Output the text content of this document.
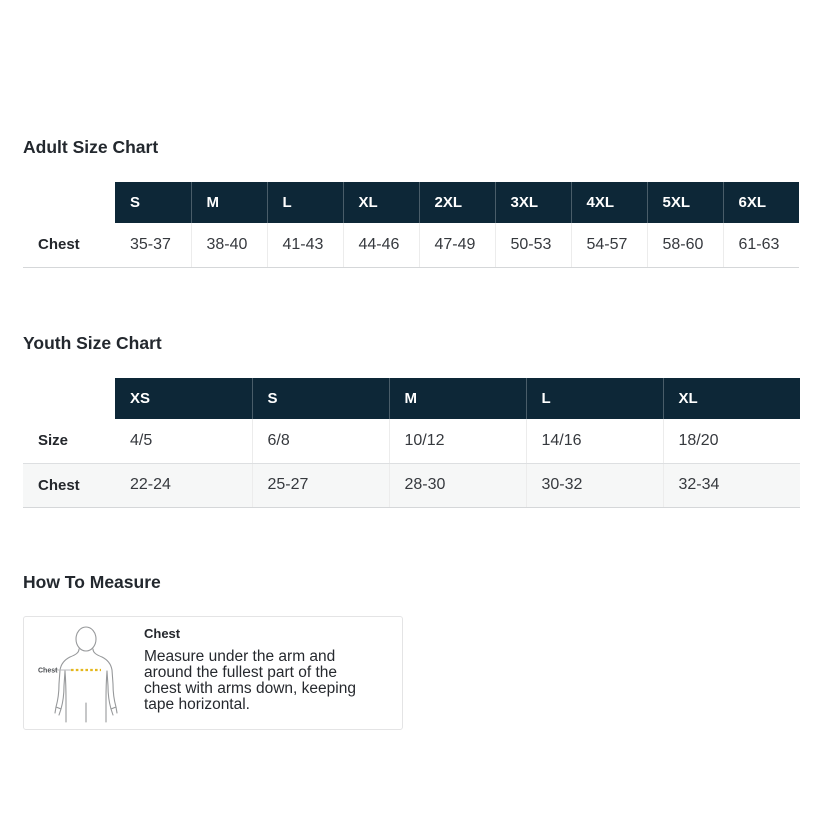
Adult Size Chart
	S	M	L	XL	2XL	3XL	4XL	5XL	6XL
Chest	35-37	38-40	41-43	44-46	47-49	50-53	54-57	58-60	61-63
Youth Size Chart
	XS	S	M	L	XL
Size	4/5	6/8	10/12	14/16	18/20
Chest	22-24	25-27	28-30	30-32	32-34
How To Measure
Chest
Chest

Measure under the arm and
around the fullest part of the
chest with arms down, keeping
tape horizontal.
